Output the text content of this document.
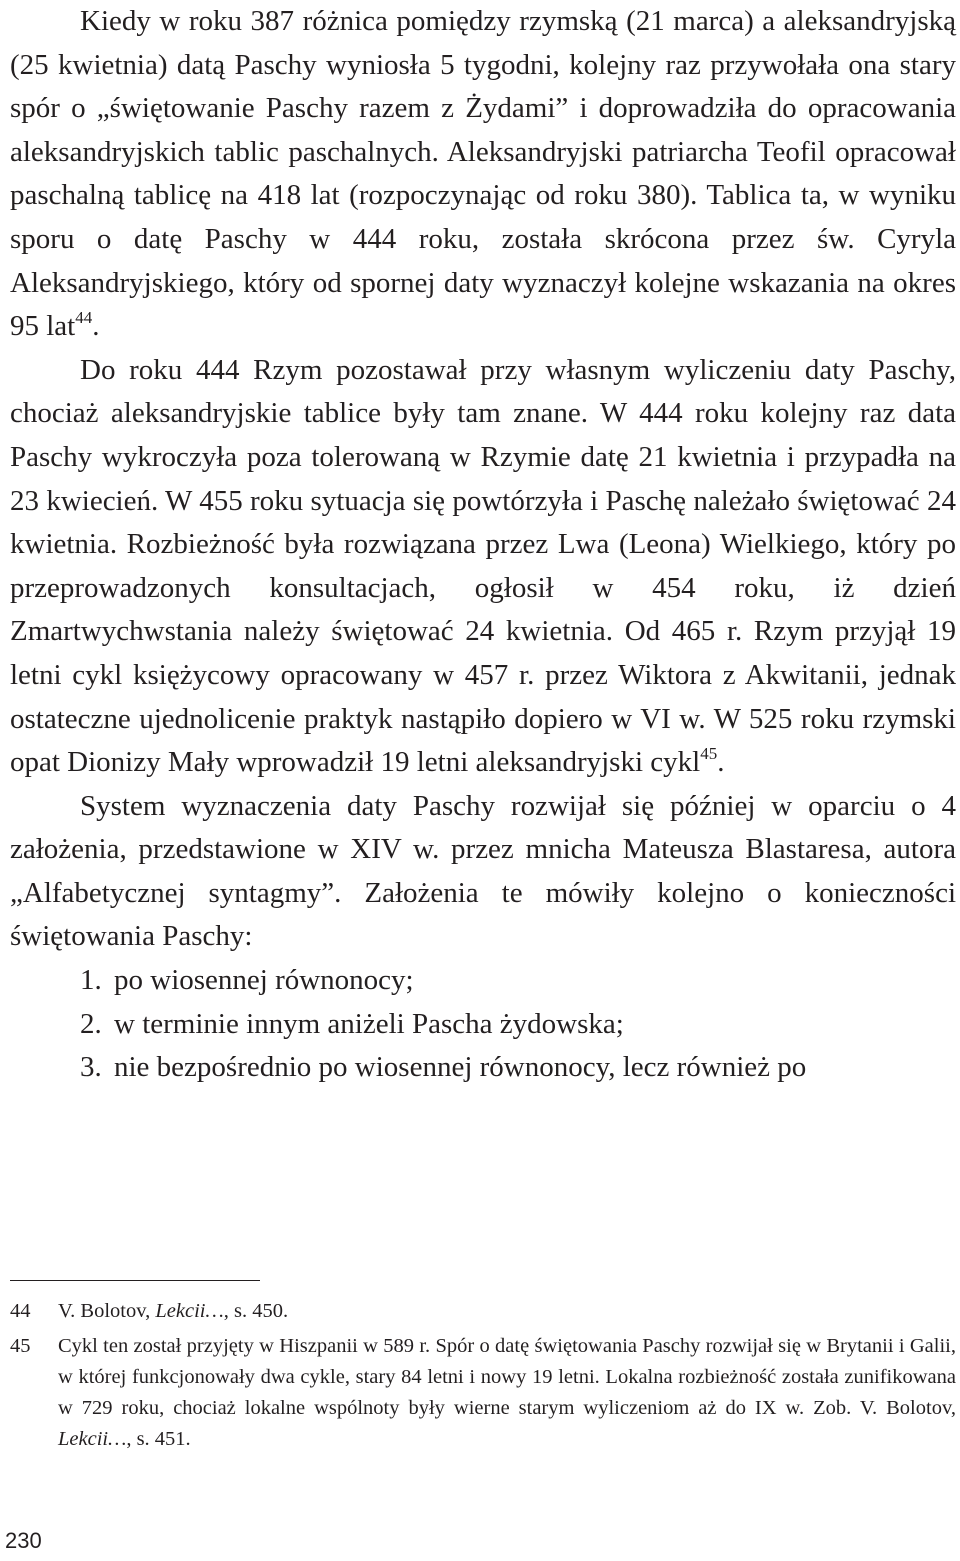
Kiedy w roku 387 różnica pomiędzy rzymską (21 marca) a aleksandryjską (25 kwietnia) datą Paschy wyniosła 5 tygodni, kolejny raz przywołała ona stary spór o „świętowanie Paschy razem z Żydami” i doprowadziła do opracowania aleksandryjskich tablic paschalnych. Aleksandryjski patriarcha Teofil opracował paschalną tablicę na 418 lat (rozpoczynając od roku 380). Tablica ta, w wyniku sporu o datę Paschy w 444 roku, została skrócona przez św. Cyryla Aleksandryjskiego, który od spornej daty wyznaczył kolejne wskazania na okres 95 lat$^{44}$.

Do roku 444 Rzym pozostawał przy własnym wyliczeniu daty Paschy, chociaż aleksandryjskie tablice były tam znane. W 444 roku kolejny raz data Paschy wykroczyła poza tolerowaną w Rzymie datę 21 kwietnia i przypadła na 23 kwiecień. W 455 roku sytuacja się powtórzyła i Paschę należało świętować 24 kwietnia. Rozbieżność była rozwiązana przez Lwa (Leona) Wielkiego, który po przeprowadzonych konsultacjach, ogłosił w 454 roku, iż dzień Zmartwychwstania należy świętować 24 kwietnia. Od 465 r. Rzym przyjął 19 letni cykl księżycowy opracowany w 457 r. przez Wiktora z Akwitanii, jednak ostateczne ujednolicenie praktyk nastąpiło dopiero w VI w. W 525 roku rzymski opat Dionizy Mały wprowadził 19 letni aleksandryjski cykl$^{45}$.

System wyznaczenia daty Paschy rozwijał się później w oparciu o 4 założenia, przedstawione w XIV w. przez mnicha Mateusza Blastaresa, autora „Alfabetycznej syntagmy”. Założenia te mówiły kolejno o konieczności świętowania Paschy:

1. po wiosennej równonocy;
2. w terminie innym aniżeli Pascha żydowska;
3. nie bezpośrednio po wiosennej równonocy, lecz również po
44 V. Bolotov, Lekcii…, s. 450.
45 Cykl ten został przyjęty w Hiszpanii w 589 r. Spór o datę świętowania Paschy rozwijał się w Brytanii i Galii, w której funkcjonowały dwa cykle, stary 84 letni i nowy 19 letni. Lokalna rozbieżność została zunifikowana w 729 roku, chociaż lokalne wspólnoty były wierne starym wyliczeniom aż do IX w. Zob. V. Bolotov, Lekcii…, s. 451.
230
